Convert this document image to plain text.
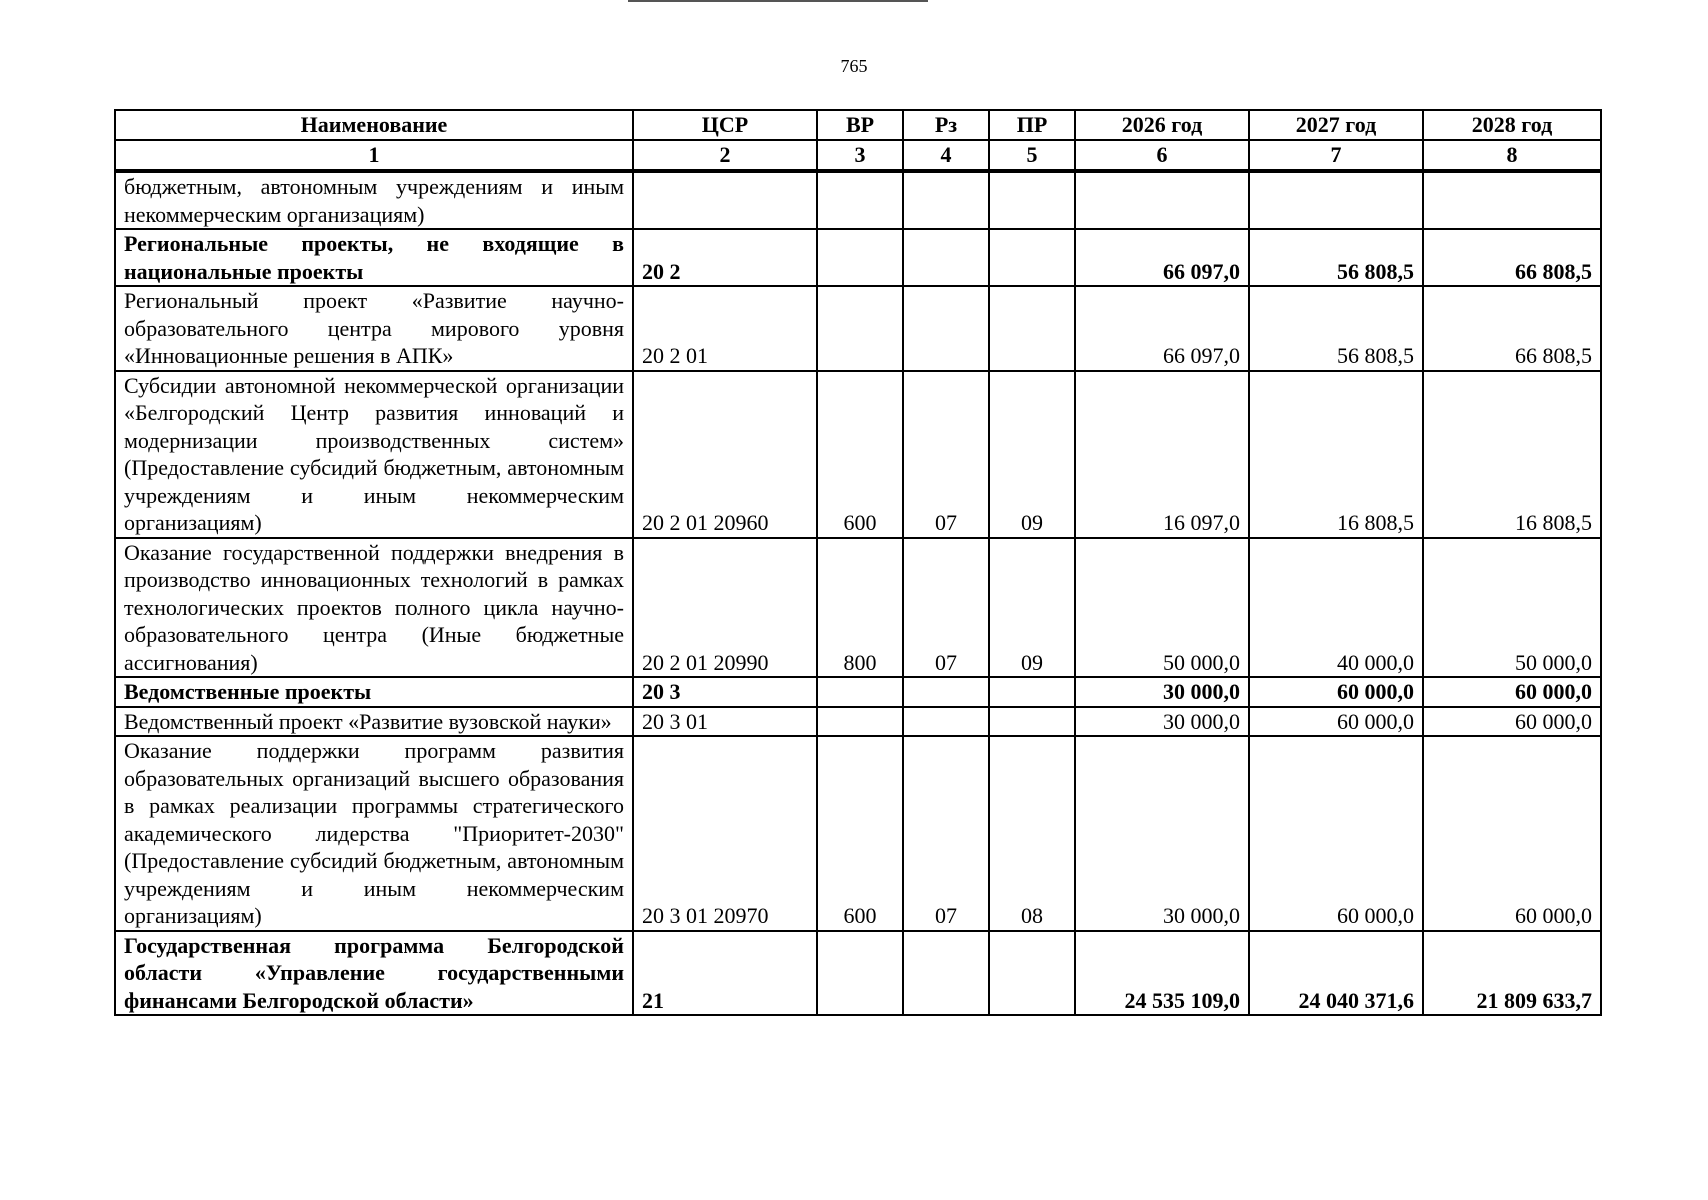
765
Наименование	ЦСР	ВР	Рз	ПР	2026 год	2027 год	2028 год
1	2	3	4	5	6	7	8
бюджетным, автономным учреждениям и иным некоммерческим организациям)							
Региональные проекты, не входящие в национальные проекты	20 2				66 097,0	56 808,5	66 808,5
Региональный проект «Развитие научно-образовательного центра мирового уровня «Инновационные решения в АПК»	20 2 01				66 097,0	56 808,5	66 808,5
Субсидии автономной некоммерческой организации «Белгородский Центр развития инноваций и модернизации производственных систем» (Предоставление субсидий бюджетным, автономным учреждениям и иным некоммерческим организациям)	20 2 01 20960	600	07	09	16 097,0	16 808,5	16 808,5
Оказание государственной поддержки внедрения в производство инновационных технологий в рамках технологических проектов полного цикла научно-образовательного центра (Иные бюджетные ассигнования)	20 2 01 20990	800	07	09	50 000,0	40 000,0	50 000,0
Ведомственные проекты	20 3				30 000,0	60 000,0	60 000,0
Ведомственный проект «Развитие вузовской науки»	20 3 01				30 000,0	60 000,0	60 000,0
Оказание поддержки программ развития образовательных организаций высшего образования в рамках реализации программы стратегического академического лидерства "Приоритет-2030" (Предоставление субсидий бюджетным, автономным учреждениям и иным некоммерческим организациям)	20 3 01 20970	600	07	08	30 000,0	60 000,0	60 000,0
Государственная программа Белгородской области «Управление государственными финансами Белгородской области»	21				24 535 109,0	24 040 371,6	21 809 633,7
